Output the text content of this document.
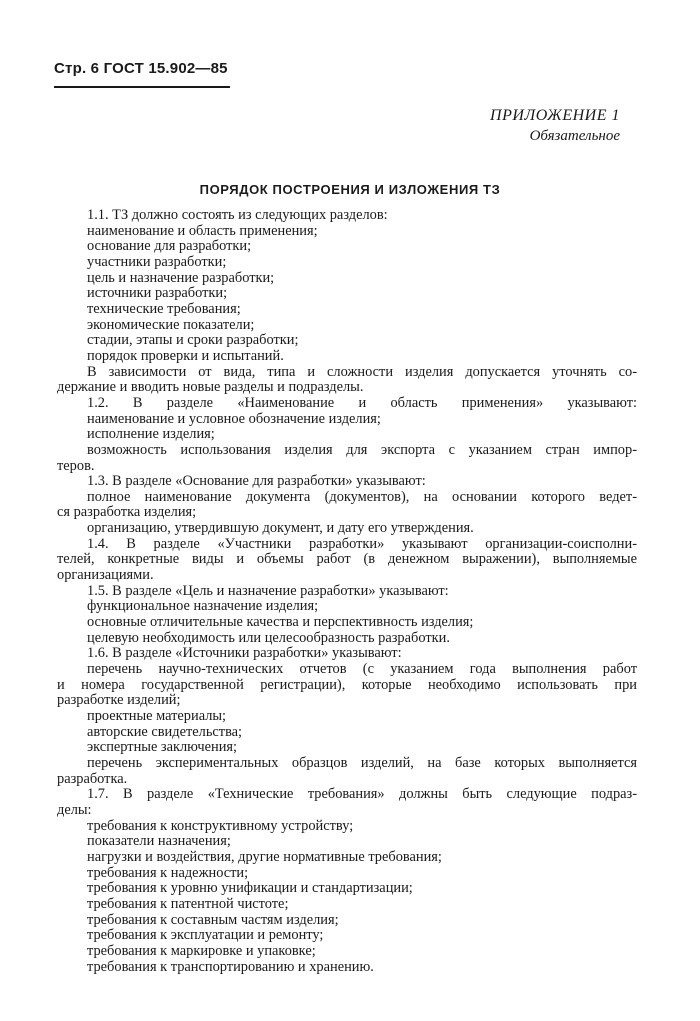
Стр. 6 ГОСТ 15.902—85
ПРИЛОЖЕНИЕ 1
Обязательное
ПОРЯДОК ПОСТРОЕНИЯ И ИЗЛОЖЕНИЯ ТЗ
1.1. ТЗ должно состоять из следующих разделов:
наименование и область применения;
основание для разработки;
участники разработки;
цель и назначение разработки;
источники разработки;
технические требования;
экономические показатели;
стадии, этапы и сроки разработки;
порядок проверки и испытаний.
В зависимости от вида, типа и сложности изделия допускается уточнять со-
держание и вводить новые разделы и подразделы.
1.2. В разделе «Наименование и область применения» указывают:
наименование и условное обозначение изделия;
исполнение изделия;
возможность использования изделия для экспорта с указанием стран импор-
теров.
1.3. В разделе «Основание для разработки» указывают:
полное наименование документа (документов), на основании которого ведет-
ся разработка изделия;
организацию, утвердившую документ, и дату его утверждения.
1.4. В разделе «Участники разработки» указывают организации-соисполни-
телей, конкретные виды и объемы работ (в денежном выражении), выполняемые
организациями.
1.5. В разделе «Цель и назначение разработки» указывают:
функциональное назначение изделия;
основные отличительные качества и перспективность изделия;
целевую необходимость или целесообразность разработки.
1.6. В разделе «Источники разработки» указывают:
перечень научно-технических отчетов (с указанием года выполнения работ
и номера государственной регистрации), которые необходимо использовать при
разработке изделий;
проектные материалы;
авторские свидетельства;
экспертные заключения;
перечень экспериментальных образцов изделий, на базе которых выполняется
разработка.
1.7. В разделе «Технические требования» должны быть следующие подраз-
делы:
требования к конструктивному устройству;
показатели назначения;
нагрузки и воздействия, другие нормативные требования;
требования к надежности;
требования к уровню унификации и стандартизации;
требования к патентной чистоте;
требования к составным частям изделия;
требования к эксплуатации и ремонту;
требования к маркировке и упаковке;
требования к транспортированию и хранению.
